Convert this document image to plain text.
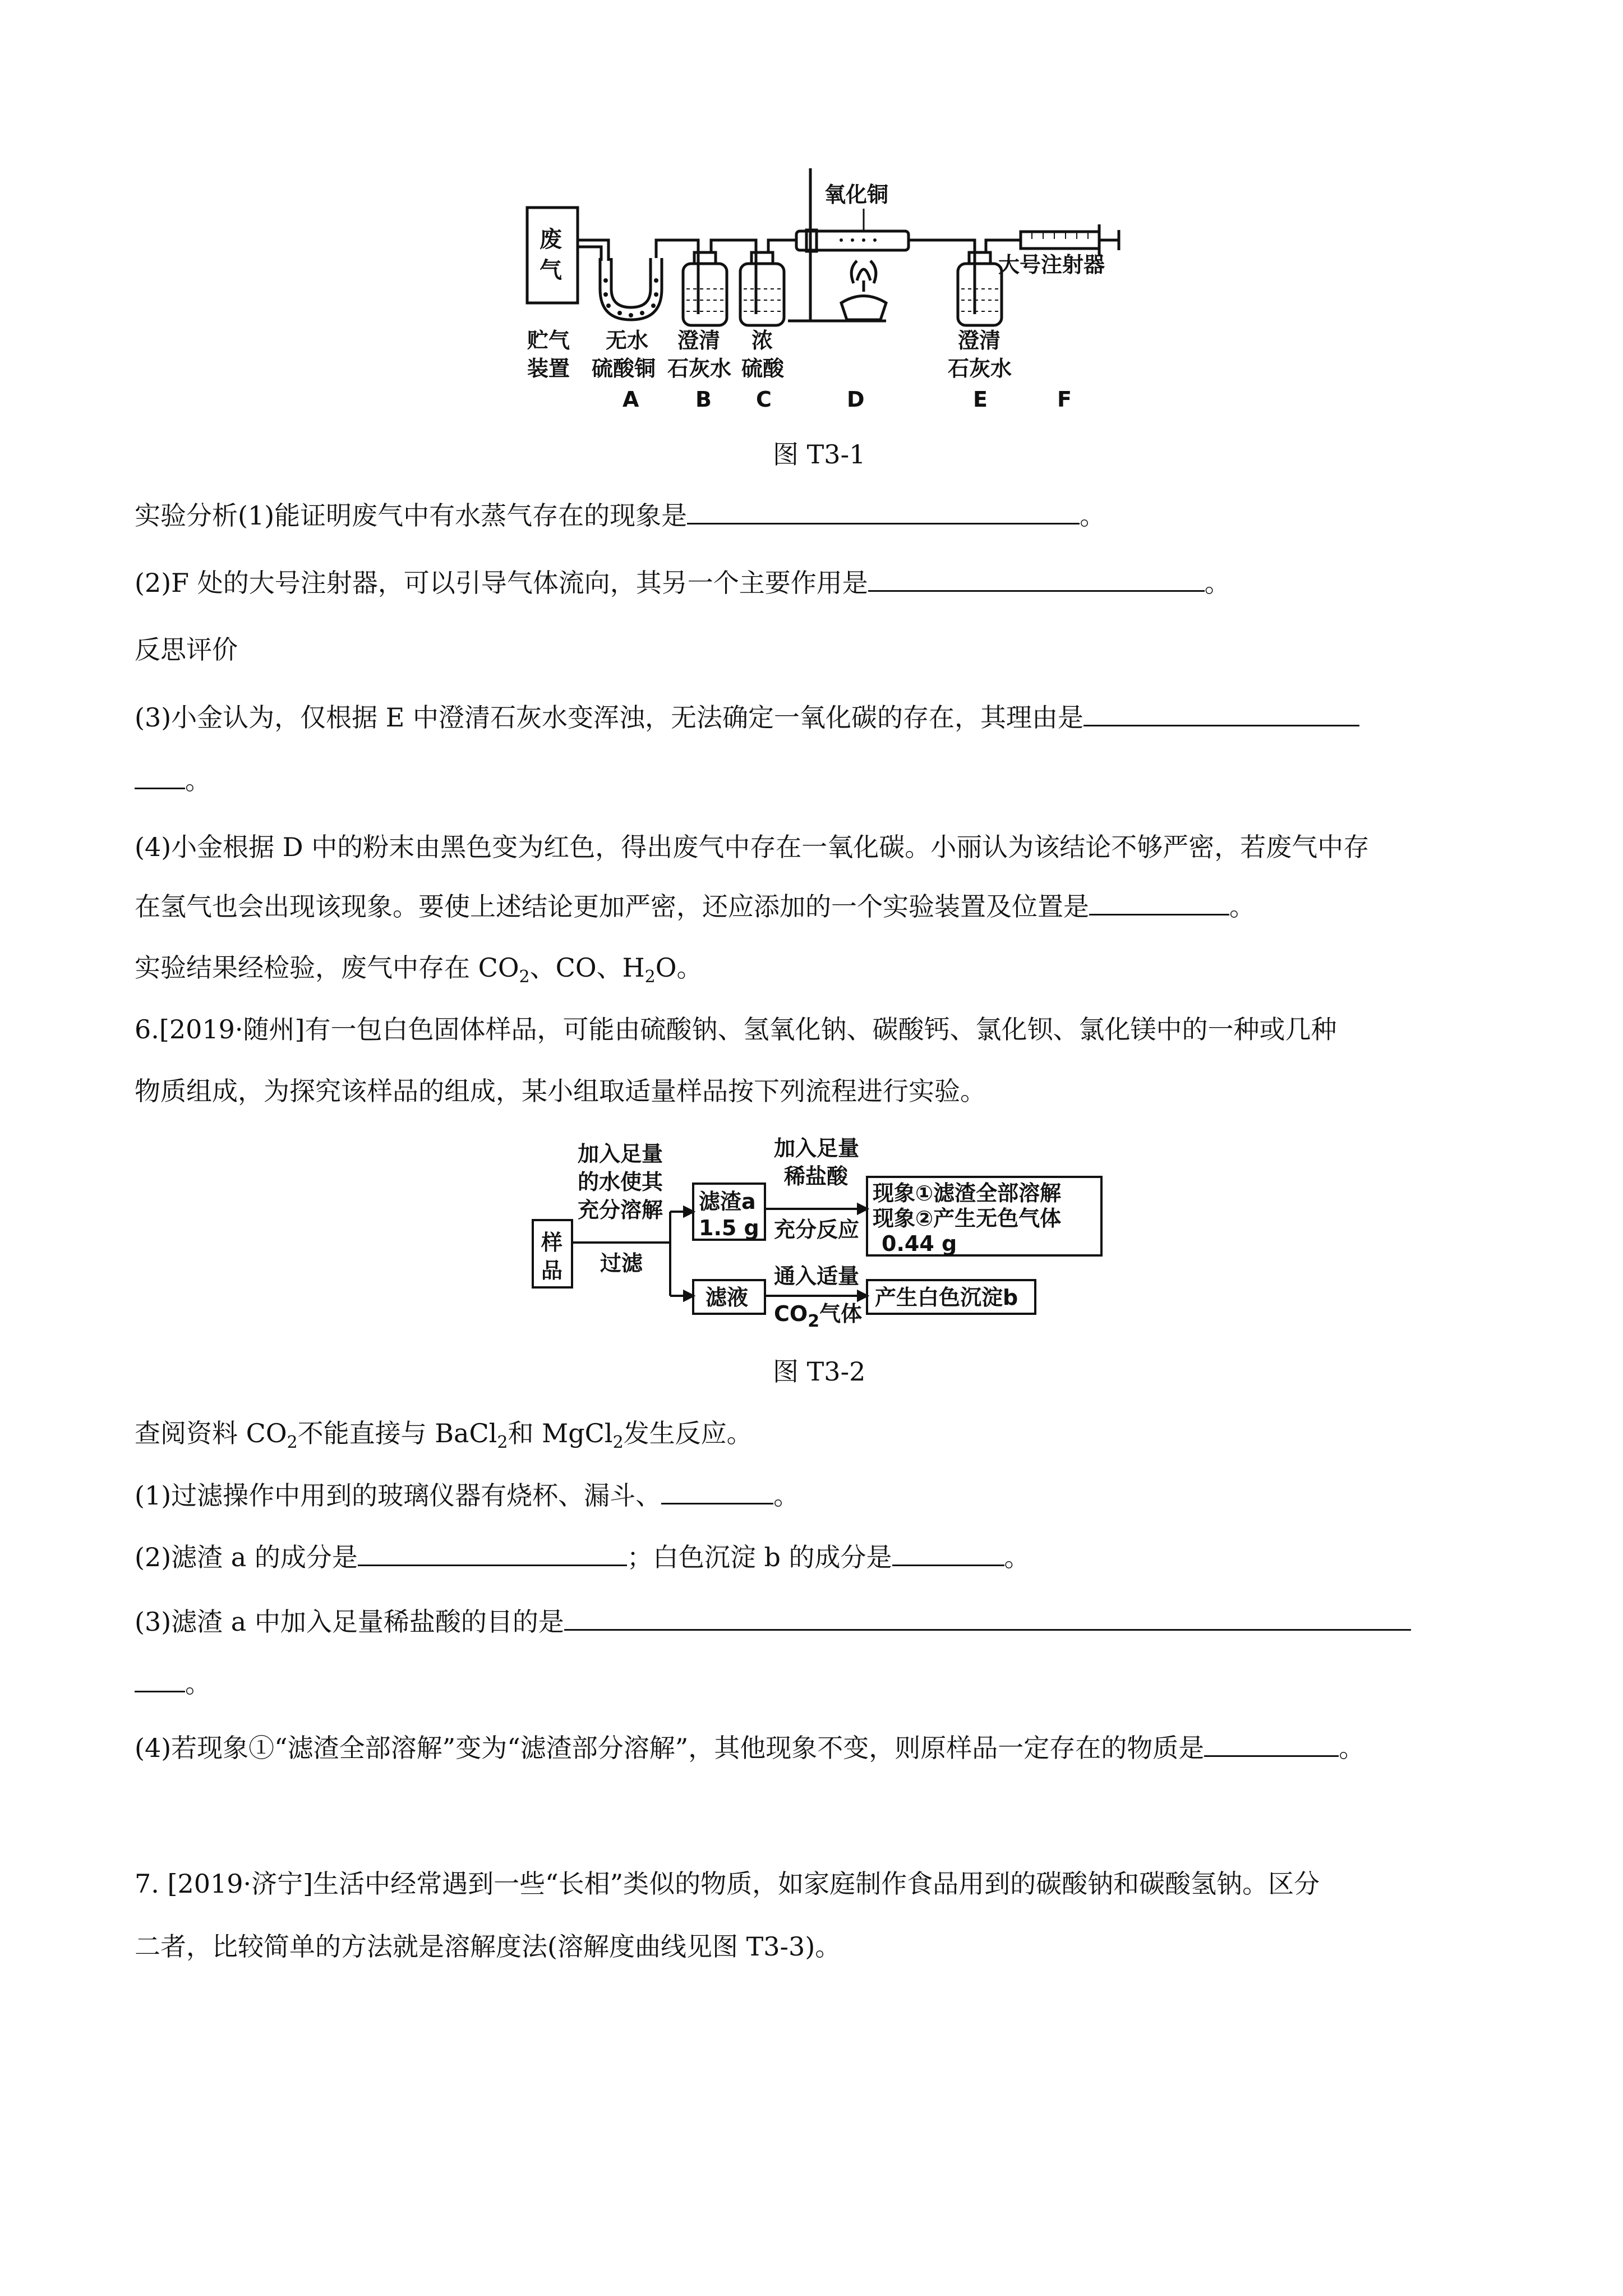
废
气
氧化铜
大号注射器
贮气
装置
无水
硫酸铜
澄清
石灰水
浓
硫酸
澄清
石灰水
A	B C	D	E	F
图 T3-1
实验分析(1)能证明废气中有水蒸气存在的现象是	。
(2)F 处的大号注射器，可以引导气体流向，其另一个主要作用是	。
反思评价
(3)小金认为，仅根据 E 中澄清石灰水变浑浊，无法确定一氧化碳的存在，其理由是
。
(4)小金根据 D 中的粉末由黑色变为红色，得出废气中存在一氧化碳。小丽认为该结论不够严密，若废气中存
在氢气也会出现该现象。要使上述结论更加严密，还应添加的一个实验装置及位置是	。
实验结果经检验，废气中存在 $CO_2$、CO、$H_2O$。
6.[2019·随州]有一包白色固体样品，可能由硫酸钠、氢氧化钠、碳酸钙、氯化钡、氯化镁中的一种或几种
物质组成，为探究该样品的组成，某小组取适量样品按下列流程进行实验。
样
品
加入足量
的水使其
充分溶解
过滤
滤渣a
1.5 g
加入足量
稀盐酸
充分反应
现象①滤渣全部溶解
现象②产生无色气体
0.44 g
滤液
通入适量
$CO_2$气体
产生白色沉淀b
图 T3-2
查阅资料 $CO_2$不能直接与 BaCl$_2$和 MgCl$_2$发生反应。
(1)过滤操作中用到的玻璃仪器有烧杯、漏斗、	。
(2)滤渣 a 的成分是	；白色沉淀 b 的成分是	。
(3)滤渣 a 中加入足量稀盐酸的目的是
。
(4)若现象①“滤渣全部溶解”变为“滤渣部分溶解”，其他现象不变，则原样品一定存在的物质是	。
7. [2019·济宁]生活中经常遇到一些“长相”类似的物质，如家庭制作食品用到的碳酸钠和碳酸氢钠。区分
二者，比较简单的方法就是溶解度法(溶解度曲线见图 T3-3)。
